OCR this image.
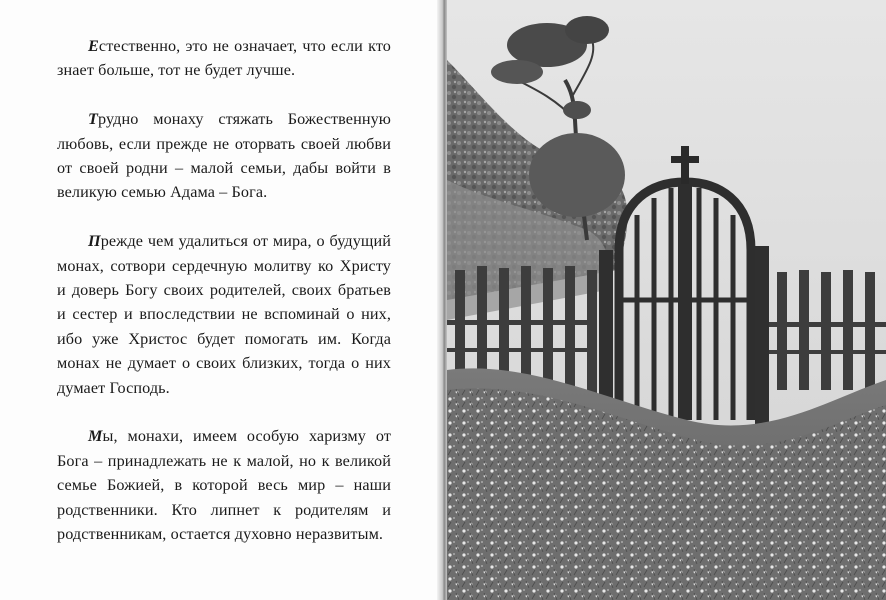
Естественно, это не означает, что если кто знает больше, тот не будет лучше.

Трудно монаху стяжать Божественную любовь, если прежде не оторвать своей любви от своей родни – малой семьи, дабы войти в великую семью Адама – Бога.

Прежде чем удалиться от мира, о будущий монах, сотвори сердечную молитву ко Христу и доверь Богу своих родителей, своих братьев и сестер и впоследствии не вспоминай о них, ибо уже Христос будет помогать им. Когда монах не думает о своих близких, тогда о них думает Господь.

Мы, монахи, имеем особую харизму от Бога – принадлежать не к малой, но к великой семье Божией, в которой весь мир – наши родственники. Кто липнет к родителям и родственникам, остается духовно неразвитым.
